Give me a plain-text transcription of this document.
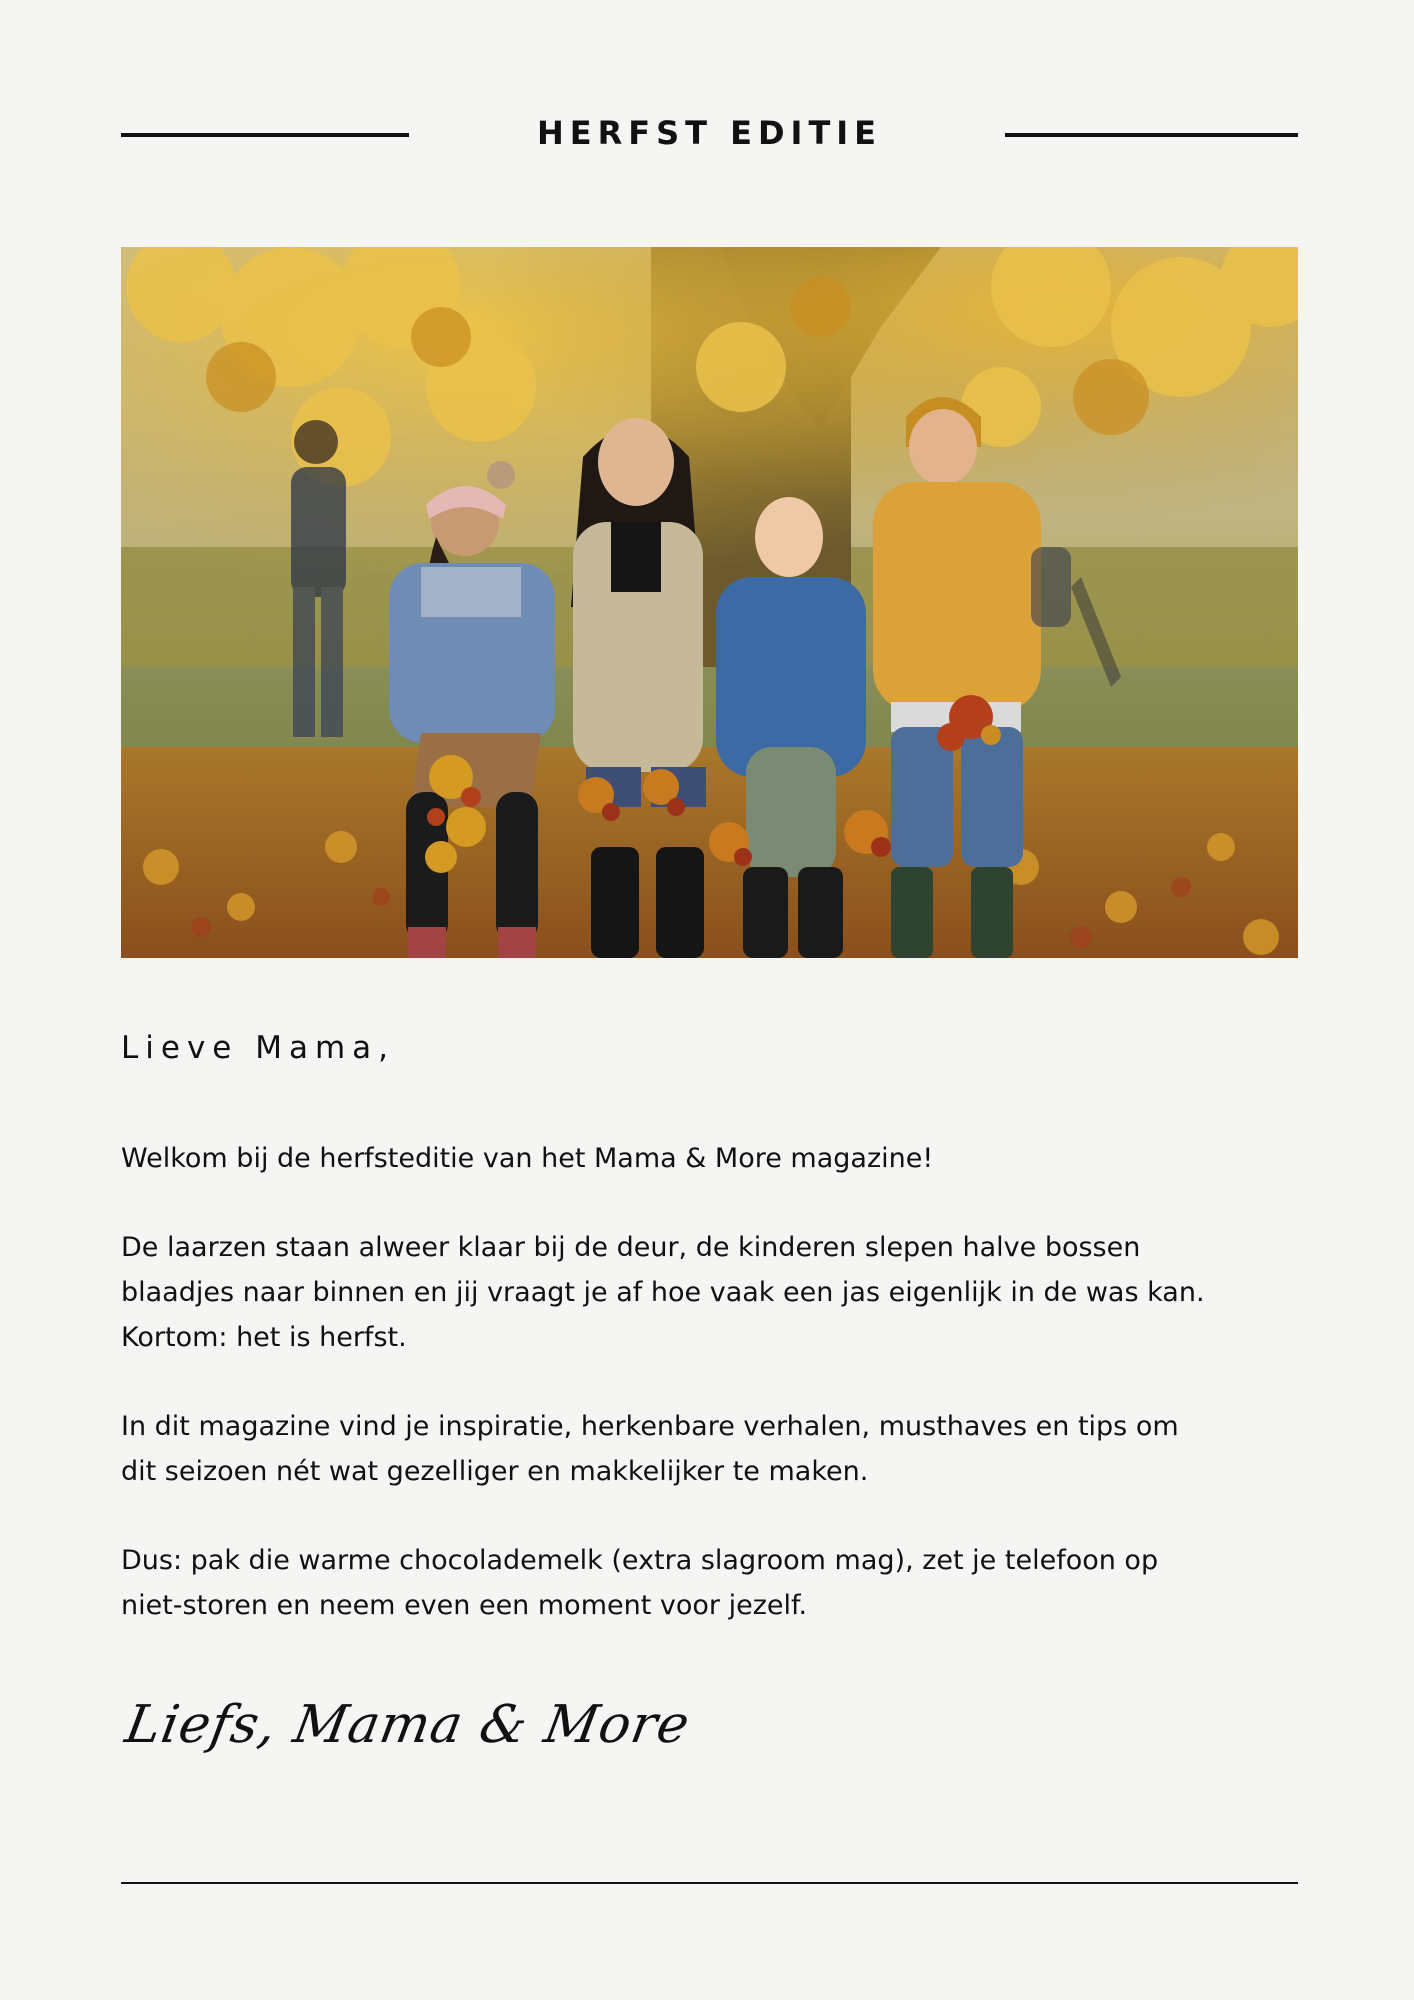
HERFST EDITIE
Lieve Mama,

Welkom bij de herfsteditie van het Mama & More magazine!

De laarzen staan alweer klaar bij de deur, de kinderen slepen halve bossen
blaadjes naar binnen en jij vraagt je af hoe vaak een jas eigenlijk in de was kan.
Kortom: het is herfst.

In dit magazine vind je inspiratie, herkenbare verhalen, musthaves en tips om
dit seizoen nét wat gezelliger en makkelijker te maken.

Dus: pak die warme chocolademelk (extra slagroom mag), zet je telefoon op
niet-storen en neem even een moment voor jezelf.

Liefs, Mama & More
